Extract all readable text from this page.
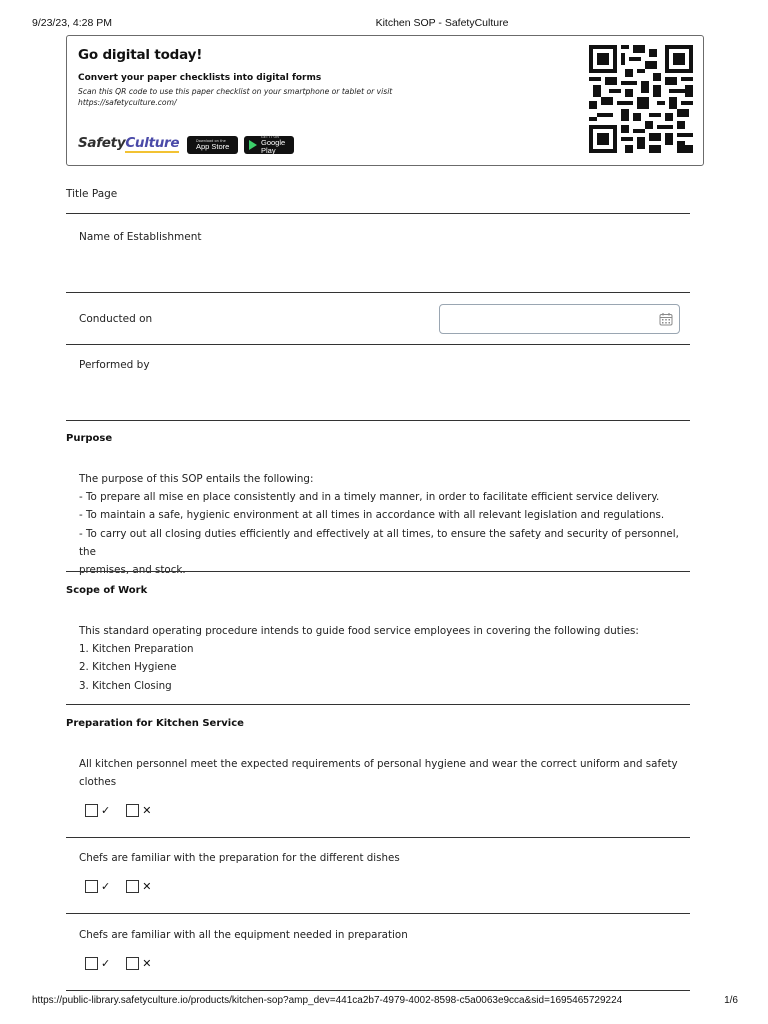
9/23/23, 4:28 PM	Kitchen SOP - SafetyCulture
Go digital today!
Convert your paper checklists into digital forms
Scan this QR code to use this paper checklist on your smartphone or tablet or visit
https://safetyculture.com/
SafetyCulture	Download on the
App Store
GET IT ON
Google Play
Title Page
Name of Establishment
Conducted on
Performed by
Purpose
The purpose of this SOP entails the following:
- To prepare all mise en place consistently and in a timely manner, in order to facilitate efficient service delivery.
- To maintain a safe, hygienic environment at all times in accordance with all relevant legislation and regulations.
- To carry out all closing duties efficiently and effectively at all times, to ensure the safety and security of personnel, the
Scope of Work
This standard operating procedure intends to guide food service employees in covering the following duties:
1. Kitchen Preparation
2. Kitchen Hygiene
3. Kitchen Closing
Preparation for Kitchen Service
All kitchen personnel meet the expected requirements of personal hygiene and wear the correct uniform and safety
clothes
✓	✕
Chefs are familiar with the preparation for the different dishes
✓	✕
Chefs are familiar with all the equipment needed in preparation
✓	✕
https://public-library.safetyculture.io/products/kitchen-sop?amp_dev=441ca2b7-4979-4002-8598-c5a0063e9cca&sid=1695465729224	1/6
